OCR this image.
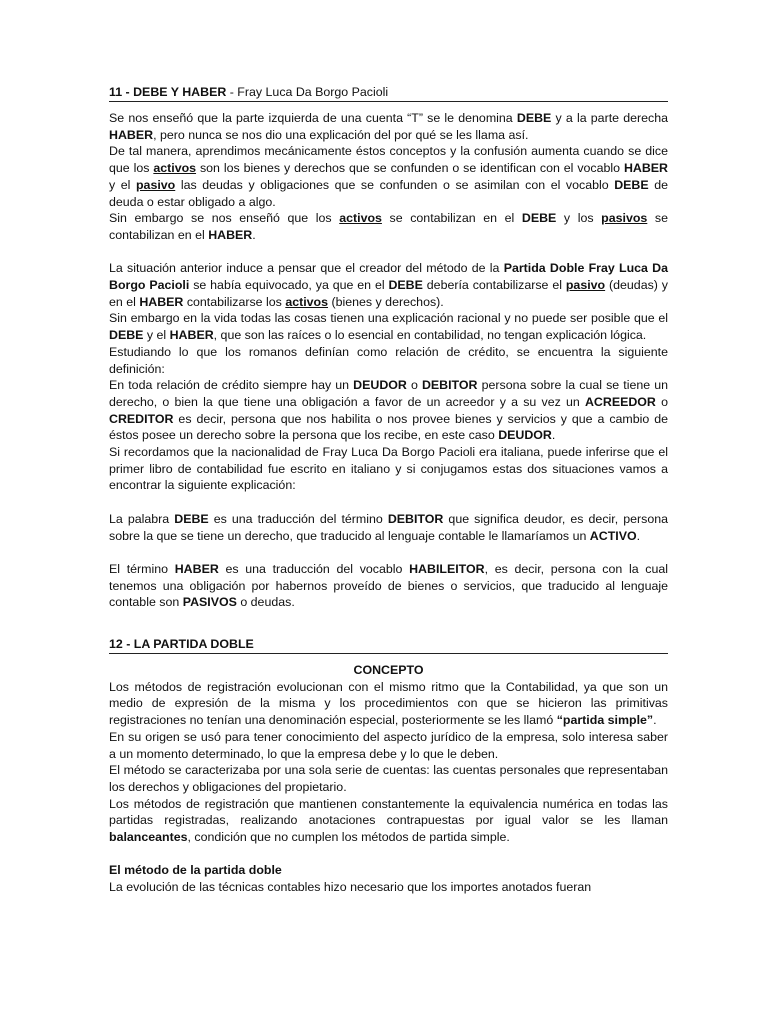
11 - DEBE Y HABER - Fray Luca Da Borgo Pacioli

Se nos enseñó que la parte izquierda de una cuenta “T” se le denomina DEBE y a la parte derecha HABER, pero nunca se nos dio una explicación del por qué se les llama así.

De tal manera, aprendimos mecánicamente éstos conceptos y la confusión aumenta cuando se dice que los activos son los bienes y derechos que se confunden o se identifican con el vocablo HABER y el pasivo las deudas y obligaciones que se confunden o se asimilan con el vocablo DEBE de deuda o estar obligado a algo.

Sin embargo se nos enseñó que los activos se contabilizan en el DEBE y los pasivos se contabilizan en el HABER.

La situación anterior induce a pensar que el creador del método de la Partida Doble Fray Luca Da Borgo Pacioli se había equivocado, ya que en el DEBE debería contabilizarse el pasivo (deudas) y en el HABER contabilizarse los activos (bienes y derechos).

Sin embargo en la vida todas las cosas tienen una explicación racional y no puede ser posible que el DEBE y el HABER, que son las raíces o lo esencial en contabilidad, no tengan explicación lógica.

Estudiando lo que los romanos definían como relación de crédito, se encuentra la siguiente definición:

En toda relación de crédito siempre hay un DEUDOR o DEBITOR persona sobre la cual se tiene un derecho, o bien la que tiene una obligación a favor de un acreedor y a su vez un ACREEDOR o CREDITOR es decir, persona que nos habilita o nos provee bienes y servicios y que a cambio de éstos posee un derecho sobre la persona que los recibe, en este caso DEUDOR.

Si recordamos que la nacionalidad de Fray Luca Da Borgo Pacioli era italiana, puede inferirse que el primer libro de contabilidad fue escrito en italiano y si conjugamos estas dos situaciones vamos a encontrar la siguiente explicación:

La palabra DEBE es una traducción del término DEBITOR que significa deudor, es decir, persona sobre la que se tiene un derecho, que traducido al lenguaje contable le llamaríamos un ACTIVO.

El término HABER es una traducción del vocablo HABILEITOR, es decir, persona con la cual tenemos una obligación por habernos proveído de bienes o servicios, que traducido al lenguaje contable son PASIVOS o deudas.

12 - LA PARTIDA DOBLE

CONCEPTO

Los métodos de registración evolucionan con el mismo ritmo que la Contabilidad, ya que son un medio de expresión de la misma y los procedimientos con que se hicieron las primitivas registraciones no tenían una denominación especial, posteriormente se les llamó “partida simple”.

En su origen se usó para tener conocimiento del aspecto jurídico de la empresa, solo interesa saber a un momento determinado, lo que la empresa debe y lo que le deben.

El método se caracterizaba por una sola serie de cuentas: las cuentas personales que representaban los derechos y obligaciones del propietario.

Los métodos de registración que mantienen constantemente la equivalencia numérica en todas las partidas registradas, realizando anotaciones contrapuestas por igual valor se les llaman balanceantes, condición que no cumplen los métodos de partida simple.

El método de la partida doble

La evolución de las técnicas contables hizo necesario que los importes anotados fueran
